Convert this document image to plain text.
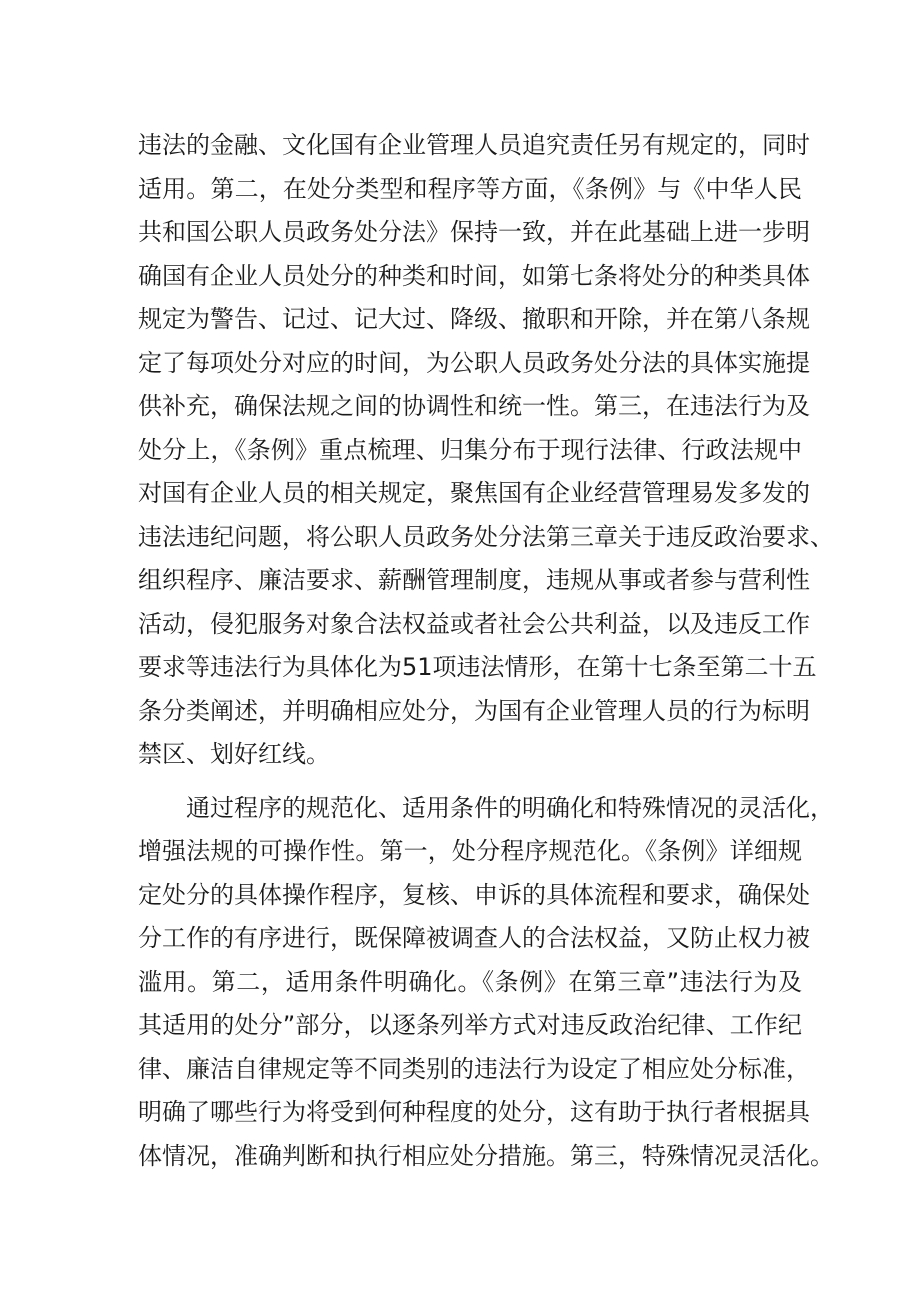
违法的金融、文化国有企业管理人员追究责任另有规定的，同时
适用。第二，在处分类型和程序等方面，《条例》与《中华人民
共和国公职人员政务处分法》保持一致，并在此基础上进一步明
确国有企业人员处分的种类和时间，如第七条将处分的种类具体
规定为警告、记过、记大过、降级、撤职和开除，并在第八条规
定了每项处分对应的时间，为公职人员政务处分法的具体实施提
供补充，确保法规之间的协调性和统一性。第三，在违法行为及
处分上，《条例》重点梳理、归集分布于现行法律、行政法规中
对国有企业人员的相关规定，聚焦国有企业经营管理易发多发的
违法违纪问题，将公职人员政务处分法第三章关于违反政治要求、
组织程序、廉洁要求、薪酬管理制度，违规从事或者参与营利性
活动，侵犯服务对象合法权益或者社会公共利益，以及违反工作
要求等违法行为具体化为51项违法情形，在第十七条至第二十五
条分类阐述，并明确相应处分，为国有企业管理人员的行为标明
禁区、划好红线。
通过程序的规范化、适用条件的明确化和特殊情况的灵活化，
增强法规的可操作性。第一，处分程序规范化。《条例》详细规
定处分的具体操作程序，复核、申诉的具体流程和要求，确保处
分工作的有序进行，既保障被调查人的合法权益，又防止权力被
滥用。第二，适用条件明确化。《条例》在第三章”违法行为及
其适用的处分”部分，以逐条列举方式对违反政治纪律、工作纪
律、廉洁自律规定等不同类别的违法行为设定了相应处分标准，
明确了哪些行为将受到何种程度的处分，这有助于执行者根据具
体情况，准确判断和执行相应处分措施。第三，特殊情况灵活化。
